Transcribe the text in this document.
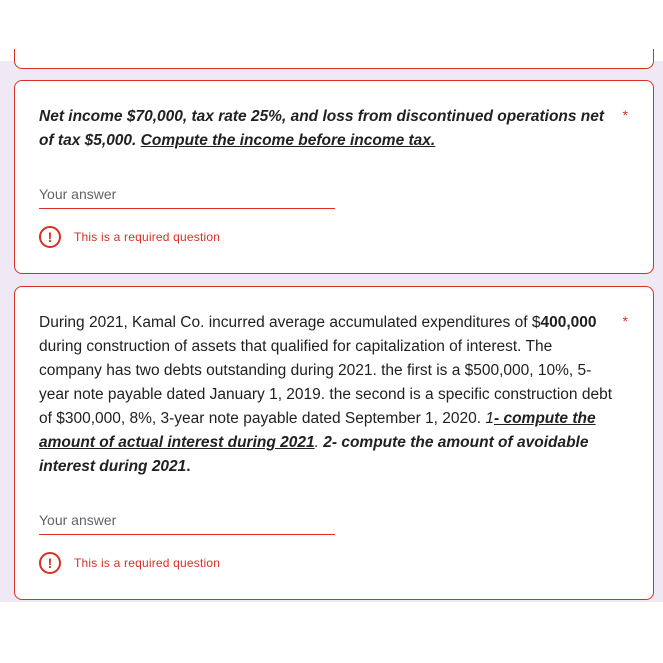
Net income $70,000, tax rate 25%, and loss from discontinued operations net of tax $5,000. Compute the income before income tax.
*
Your answer
!	This is a required question
During 2021, Kamal Co. incurred average accumulated expenditures of $400,000 during construction of assets that qualified for capitalization of interest. The company has two debts outstanding during 2021. the first is a $500,000, 10%, 5-year note payable dated January 1, 2019. the second is a specific construction debt of $300,000, 8%, 3-year note payable dated September 1, 2020. 1- compute the amount of actual interest during 2021. 2- compute the amount of avoidable interest during 2021.
*
Your answer
!	This is a required question
